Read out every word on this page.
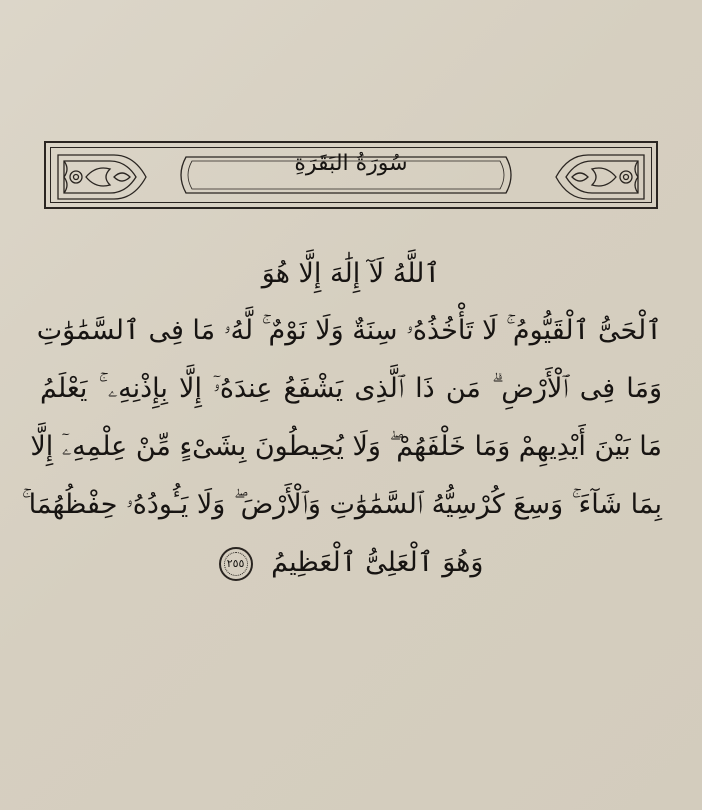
سُورَةُ البَقَرَةِ
ٱللَّهُ لَآ إِلَٰهَ إِلَّا هُوَ
ٱلْحَىُّ ٱلْقَيُّومُ ۚ لَا تَأْخُذُهُۥ سِنَةٌ وَلَا نَوْمٌ ۚ لَّهُۥ مَا فِى ٱلسَّمَٰوَٰتِ
وَمَا فِى ٱلْأَرْضِ ۗ مَن ذَا ٱلَّذِى يَشْفَعُ عِندَهُۥٓ إِلَّا بِإِذْنِهِۦ ۚ يَعْلَمُ
مَا بَيْنَ أَيْدِيهِمْ وَمَا خَلْفَهُمْ ۖ وَلَا يُحِيطُونَ بِشَىْءٍ مِّنْ عِلْمِهِۦٓ إِلَّا
بِمَا شَآءَ ۚ وَسِعَ كُرْسِيُّهُ ٱلسَّمَٰوَٰتِ وَٱلْأَرْضَ ۖ وَلَا يَـُٔودُهُۥ حِفْظُهُمَا ۚ
وَهُوَ ٱلْعَلِىُّ ٱلْعَظِيمُ ٢٥٥
